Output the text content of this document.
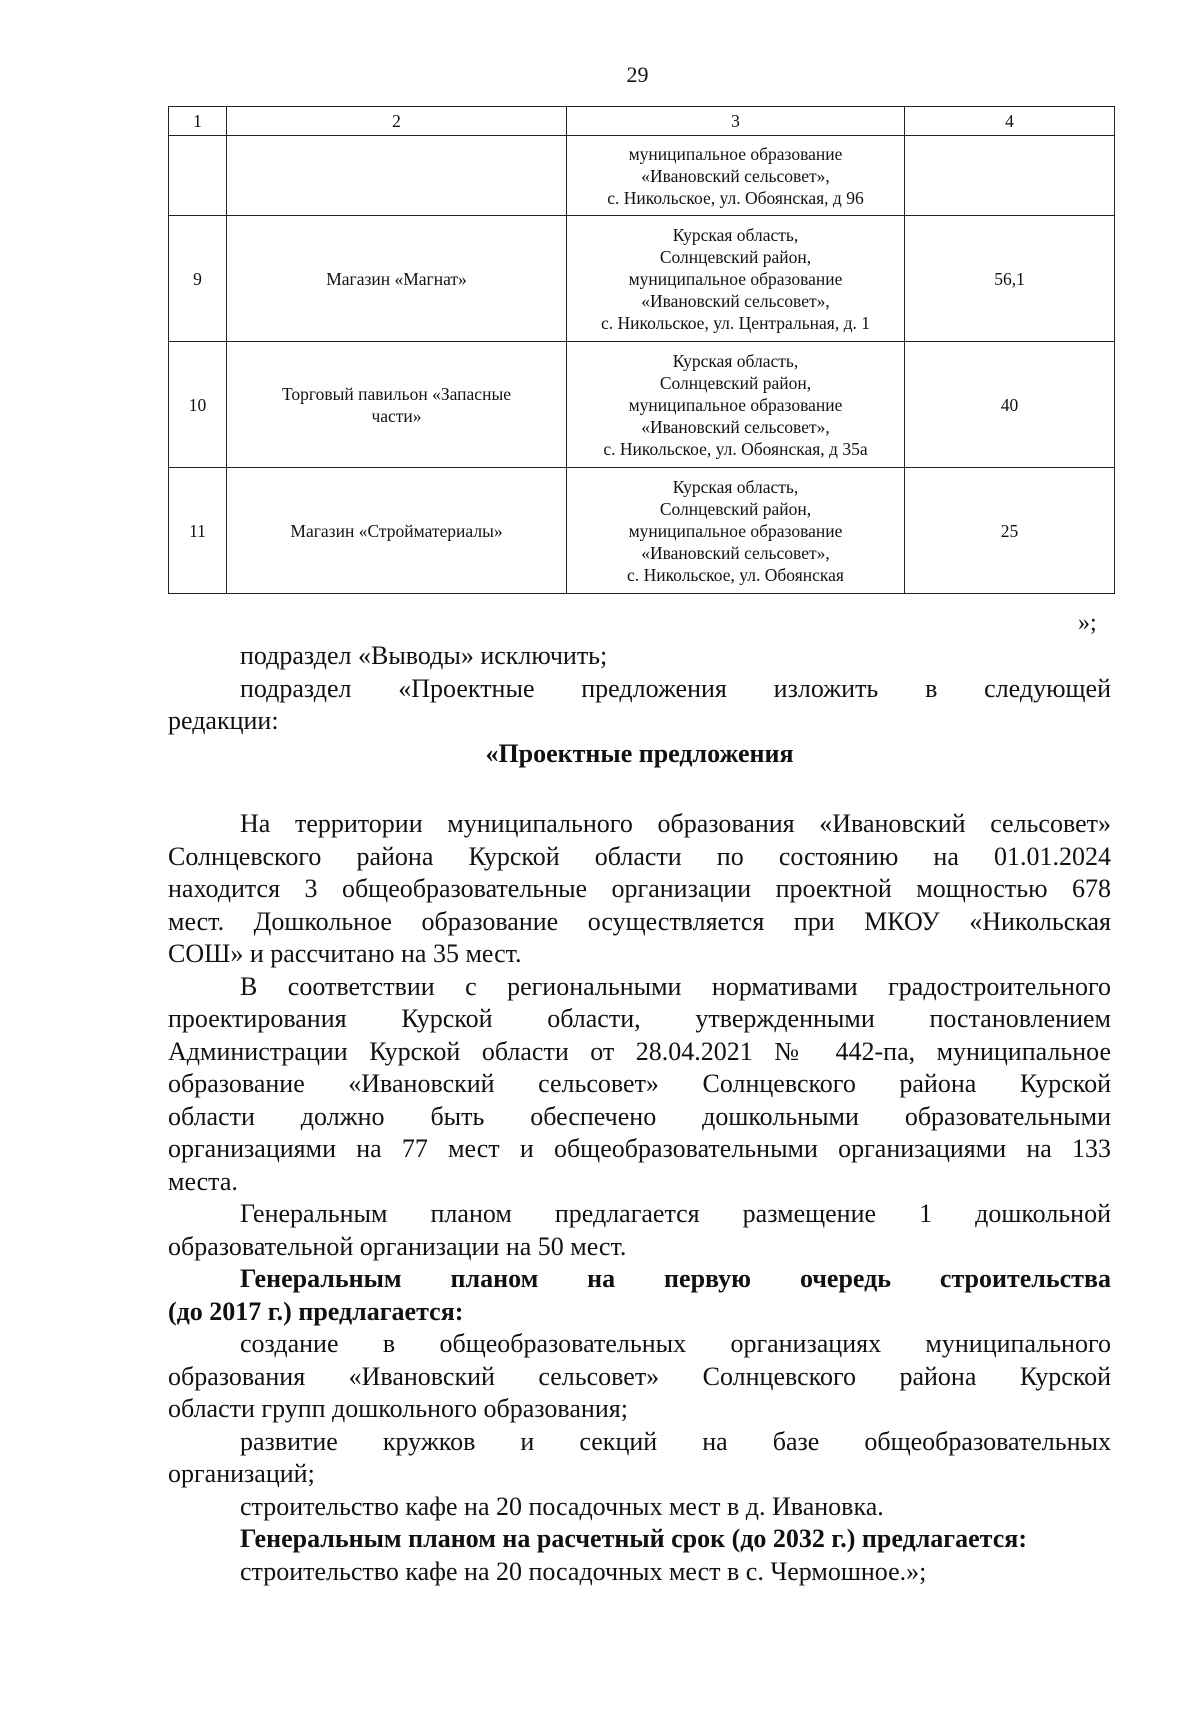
29
1	2	3	4

		муниципальное образование
«Ивановский сельсовет»,
с. Никольское, ул. Обоянская, д 96	

9	Магазин «Магнат»	Курская область,
Солнцевский район,
муниципальное образование
«Ивановский сельсовет»,
с. Никольское, ул. Центральная, д. 1	56,1
10	Торговый павильон «Запасные части»	Курская область,
Солнцевский район,
муниципальное образование
«Ивановский сельсовет»,
с. Никольское, ул. Обоянская, д 35а	40
11	Магазин «Стройматериалы»	Курская область,
Солнцевский район,
муниципальное образование
«Ивановский сельсовет»,
с. Никольское, ул. Обоянская	25
»;

подраздел «Выводы» исключить;

подраздел «Проектные предложения изложить в следующей

редакции:

«Проектные предложения

На территории муниципального образования «Ивановский сельсовет»

Солнцевского района Курской области по состоянию на 01.01.2024

находится 3 общеобразовательные организации проектной мощностью 678

мест. Дошкольное образование осуществляется при МКОУ «Никольская

СОШ» и рассчитано на 35 мест.

В соответствии с региональными нормативами градостроительного

проектирования Курской области, утвержденными постановлением

Администрации Курской области от 28.04.2021 № 442-па, муниципальное

образование «Ивановский сельсовет» Солнцевского района Курской

области должно быть обеспечено дошкольными образовательными

организациями на 77 мест и общеобразовательными организациями на 133

места.

Генеральным планом предлагается размещение 1 дошкольной

образовательной организации на 50 мест.

Генеральным планом на первую очередь строительства

(до 2017 г.) предлагается:

создание в общеобразовательных организациях муниципального

образования «Ивановский сельсовет» Солнцевского района Курской

области групп дошкольного образования;

развитие кружков и секций на базе общеобразовательных

организаций;

строительство кафе на 20 посадочных мест в д. Ивановка.

Генеральным планом на расчетный срок (до 2032 г.) предлагается:

строительство кафе на 20 посадочных мест в с. Чермошное.»;
